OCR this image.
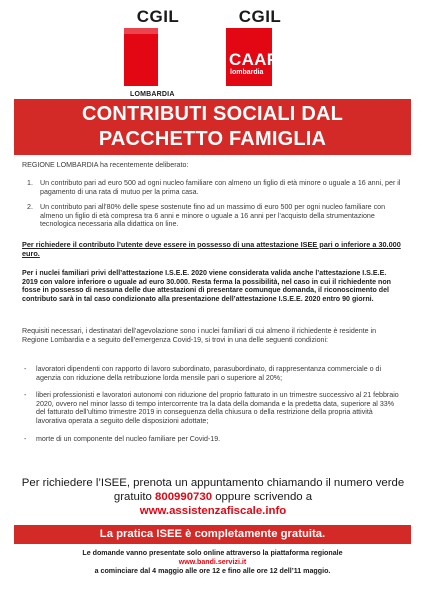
CGIL
LOMBARDIA
CGIL
CAAF
lombardia
CONTRIBUTI SOCIALI DAL
PACCHETTO FAMIGLIA
REGIONE LOMBARDIA ha recentemente deliberato:
1. Un contributo pari ad euro 500 ad ogni nucleo familiare con almeno un figlio di età minore o uguale a 16 anni, per il pagamento di una rata di mutuo per la prima casa.
2. Un contributo pari all’80% delle spese sostenute fino ad un massimo di euro 500 per ogni nucleo familiare con almeno un figlio di età compresa tra 6 anni e minore o uguale a 16 anni per l’acquisto della strumentazione tecnologica necessaria alla didattica on line.
Per richiedere il contributo l’utente deve essere in possesso di una attestazione ISEE pari o inferiore a 30.000 euro.
Per i nuclei familiari privi dell’attestazione I.S.E.E. 2020 viene considerata valida anche l’attestazione I.S.E.E. 2019 con valore inferiore o uguale ad euro 30.000. Resta ferma la possibilità, nel caso in cui il richiedente non fosse in possesso di nessuna delle due attestazioni di presentare comunque domanda, il riconoscimento del contributo sarà in tal caso condizionato alla presentazione dell’attestazione I.S.E.E. 2020 entro 90 giorni.
Requisiti necessari, i destinatari dell’agevolazione sono i nuclei familiari di cui almeno il richiedente è residente in Regione Lombardia e a seguito dell’emergenza Covid-19, si trovi in una delle seguenti condizioni:
- lavoratori dipendenti con rapporto di lavoro subordinato, parasubordinato, di rappresentanza commerciale o di agenzia con riduzione della retribuzione lorda mensile pari o superiore al 20%;
- liberi professionisti e lavoratori autonomi con riduzione del proprio fatturato in un trimestre successivo al 21 febbraio 2020, ovvero nel minor lasso di tempo intercorrente tra la data della domanda e la predetta data, superiore al 33% del fatturato dell’ultimo trimestre 2019 in conseguenza della chiusura o della restrizione della propria attività lavorativa operata a seguito delle disposizioni adottate;
- morte di un componente del nucleo familiare per Covid-19.
Per richiedere l’ISEE, prenota un appuntamento chiamando il numero verde gratuito 800990730 oppure scrivendo a
www.assistenzafiscale.info
La pratica ISEE è completamente gratuita.
Le domande vanno presentate solo online attraverso la piattaforma regionale
www.bandi.servizi.it
a cominciare dal 4 maggio alle ore 12 e fino alle ore 12 dell’11 maggio.
